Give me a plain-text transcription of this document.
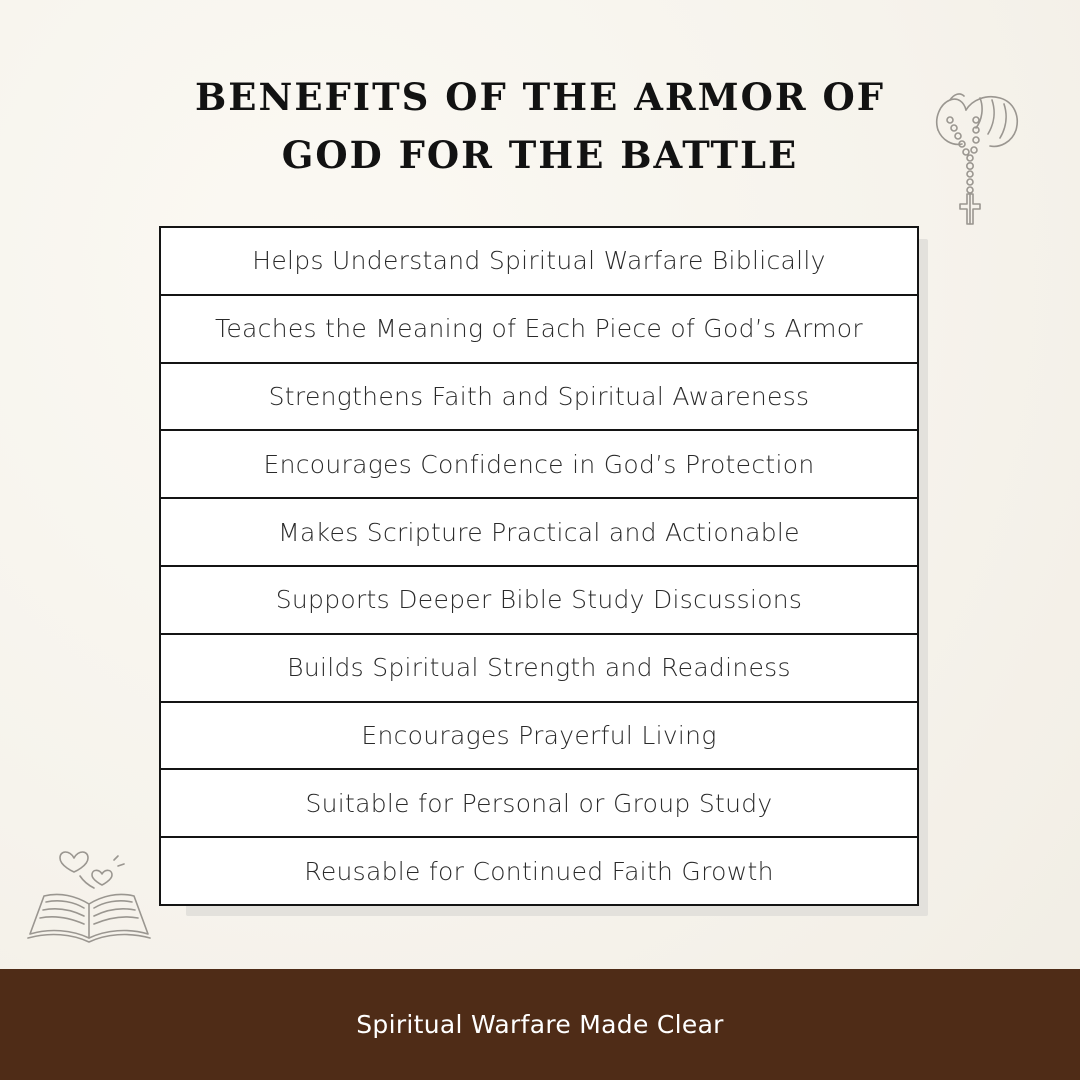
BENEFITS OF THE ARMOR OF
GOD FOR THE BATTLE
Helps Understand Spiritual Warfare Biblically
Teaches the Meaning of Each Piece of God’s Armor
Strengthens Faith and Spiritual Awareness
Encourages Confidence in God’s Protection
Makes Scripture Practical and Actionable
Supports Deeper Bible Study Discussions
Builds Spiritual Strength and Readiness
Encourages Prayerful Living
Suitable for Personal or Group Study
Reusable for Continued Faith Growth
Spiritual Warfare Made Clear
